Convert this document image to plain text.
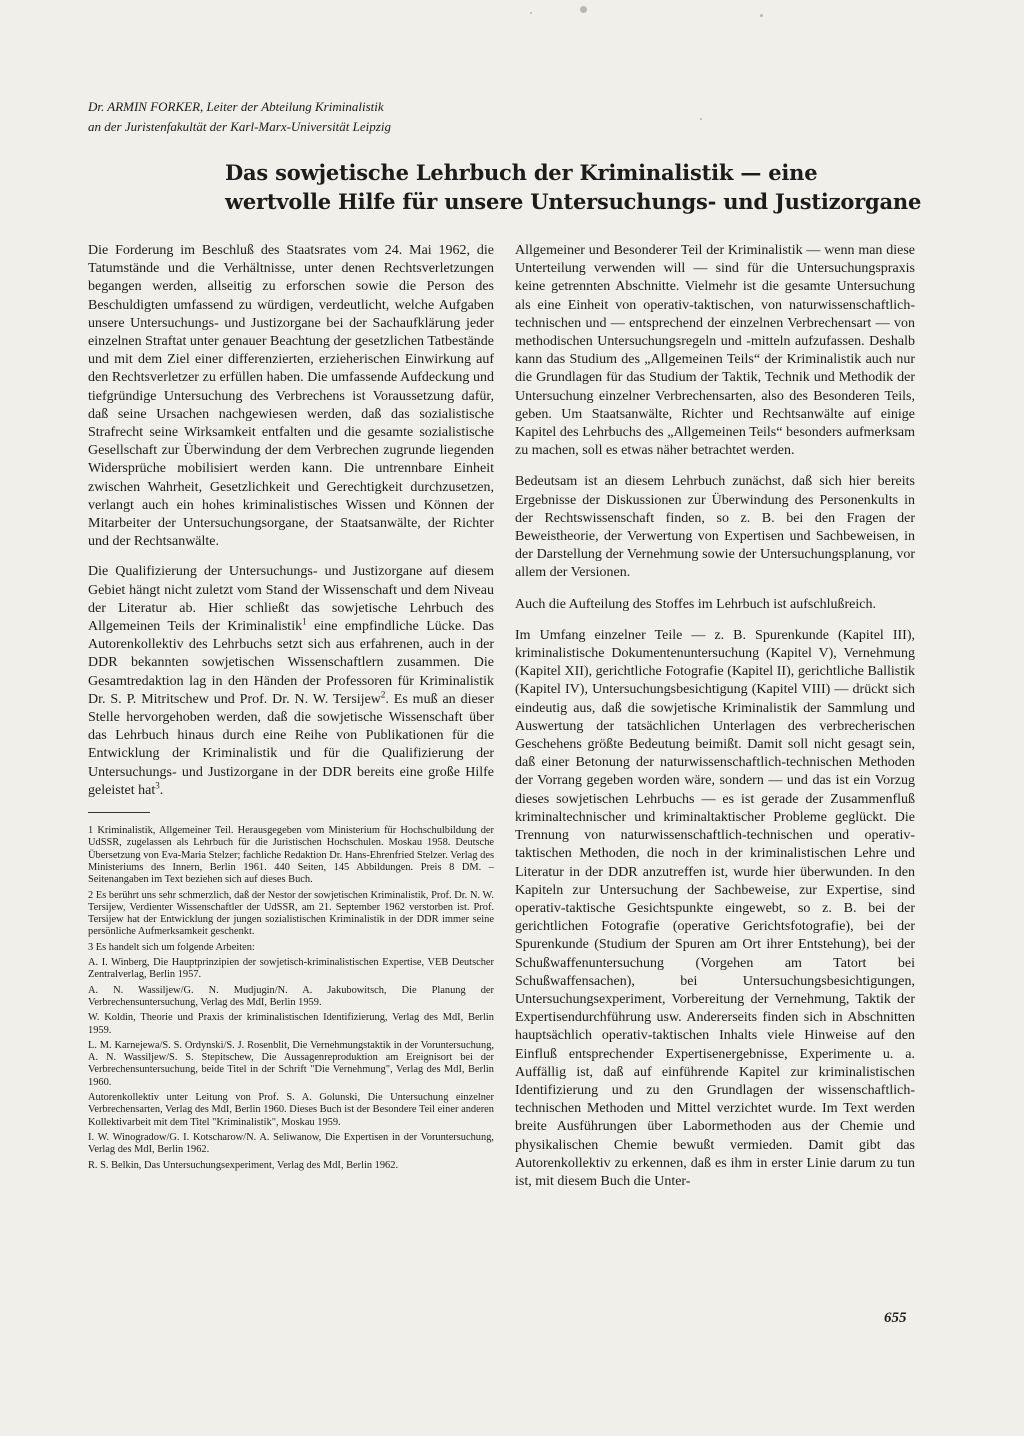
Dr. ARMIN FORKER, Leiter der Abteilung Kriminalistik
an der Juristenfakultät der Karl-Marx-Universität Leipzig
Das sowjetische Lehrbuch der Kriminalistik — eine
wertvolle Hilfe für unsere Untersuchungs- und Justizorgane

Die Forderung im Beschluß des Staatsrates vom 24. Mai 1962, die Tatumstände und die Verhältnisse, unter denen Rechtsverletzungen begangen werden, allseitig zu erforschen sowie die Person des Beschuldigten umfassend zu würdigen, verdeutlicht, welche Aufgaben unsere Untersuchungs- und Justizorgane bei der Sachaufklärung jeder einzelnen Straftat unter genauer Beachtung der gesetzlichen Tatbestände und mit dem Ziel einer differenzierten, erzieherischen Einwirkung auf den Rechtsverletzer zu erfüllen haben. Die umfassende Aufdeckung und tiefgründige Untersuchung des Verbrechens ist Voraussetzung dafür, daß seine Ursachen nachgewiesen werden, daß das sozialistische Strafrecht seine Wirksamkeit entfalten und die gesamte sozialistische Gesellschaft zur Überwindung der dem Verbrechen zugrunde liegenden Widersprüche mobilisiert werden kann. Die untrennbare Einheit zwischen Wahrheit, Gesetzlichkeit und Gerechtigkeit durchzusetzen, verlangt auch ein hohes kriminalistisches Wissen und Können der Mitarbeiter der Untersuchungsorgane, der Staatsanwälte, der Richter und der Rechtsanwälte.

Die Qualifizierung der Untersuchungs- und Justizorgane auf diesem Gebiet hängt nicht zuletzt vom Stand der Wissenschaft und dem Niveau der Literatur ab. Hier schließt das sowjetische Lehrbuch des Allgemeinen Teils der Kriminalistik$^1$ eine empfindliche Lücke. Das Autorenkollektiv des Lehrbuchs setzt sich aus erfahrenen, auch in der DDR bekannten sowjetischen Wissenschaftlern zusammen. Die Gesamtredaktion lag in den Händen der Professoren für Kriminalistik Dr. S. P. Mitritschew und Prof. Dr. N. W. Tersijew$^2$. Es muß an dieser Stelle hervorgehoben werden, daß die sowjetische Wissenschaft über das Lehrbuch hinaus durch eine Reihe von Publikationen für die Entwicklung der Kriminalistik und für die Qualifizierung der Untersuchungs- und Justizorgane in der DDR bereits eine große Hilfe geleistet hat$^3$.

1 Kriminalistik, Allgemeiner Teil. Herausgegeben vom Ministerium für Hochschulbildung der UdSSR, zugelassen als Lehrbuch für die Juristischen Hochschulen. Moskau 1958. Deutsche Übersetzung von Eva-Maria Stelzer; fachliche Redaktion Dr. Hans-Ehrenfried Stelzer. Verlag des Ministeriums des Innern, Berlin 1961. 440 Seiten, 145 Abbildungen. Preis 8 DM. – Seitenangaben im Text beziehen sich auf dieses Buch.

2 Es berührt uns sehr schmerzlich, daß der Nestor der sowjetischen Kriminalistik, Prof. Dr. N. W. Tersijew, Verdienter Wissenschaftler der UdSSR, am 21. September 1962 verstorben ist. Prof. Tersijew hat der Entwicklung der jungen sozialistischen Kriminalistik in der DDR immer seine persönliche Aufmerksamkeit geschenkt.

3 Es handelt sich um folgende Arbeiten:

A. I. Winberg, Die Hauptprinzipien der sowjetisch-kriminalistischen Expertise, VEB Deutscher Zentralverlag, Berlin 1957.

A. N. Wassiljew/G. N. Mudjugin/N. A. Jakubowitsch, Die Planung der Verbrechensuntersuchung, Verlag des MdI, Berlin 1959.

W. Koldin, Theorie und Praxis der kriminalistischen Identifizierung, Verlag des MdI, Berlin 1959.

L. M. Karnejewa/S. S. Ordynski/S. J. Rosenblit, Die Vernehmungstaktik in der Voruntersuchung, A. N. Wassiljew/S. S. Stepitschew, Die Aussagenreproduktion am Ereignisort bei der Verbrechensuntersuchung, beide Titel in der Schrift "Die Vernehmung", Verlag des MdI, Berlin 1960.

Autorenkollektiv unter Leitung von Prof. S. A. Golunski, Die Untersuchung einzelner Verbrechensarten, Verlag des MdI, Berlin 1960. Dieses Buch ist der Besondere Teil einer anderen Kollektivarbeit mit dem Titel "Kriminalistik", Moskau 1959.

I. W. Winogradow/G. I. Kotscharow/N. A. Seliwanow, Die Expertisen in der Voruntersuchung, Verlag des MdI, Berlin 1962.

R. S. Belkin, Das Untersuchungsexperiment, Verlag des MdI, Berlin 1962.

Allgemeiner und Besonderer Teil der Kriminalistik — wenn man diese Unterteilung verwenden will — sind für die Untersuchungspraxis keine getrennten Abschnitte. Vielmehr ist die gesamte Untersuchung als eine Einheit von operativ-taktischen, von naturwissenschaftlich-technischen und — entsprechend der einzelnen Verbrechensart — von methodischen Untersuchungsregeln und -mitteln aufzufassen. Deshalb kann das Studium des „Allgemeinen Teils“ der Kriminalistik auch nur die Grundlagen für das Studium der Taktik, Technik und Methodik der Untersuchung einzelner Verbrechensarten, also des Besonderen Teils, geben. Um Staatsanwälte, Richter und Rechtsanwälte auf einige Kapitel des Lehrbuchs des „Allgemeinen Teils“ besonders aufmerksam zu machen, soll es etwas näher betrachtet werden.

Bedeutsam ist an diesem Lehrbuch zunächst, daß sich hier bereits Ergebnisse der Diskussionen zur Überwindung des Personenkults in der Rechtswissenschaft finden, so z. B. bei den Fragen der Beweistheorie, der Verwertung von Expertisen und Sachbeweisen, in der Darstellung der Vernehmung sowie der Untersuchungsplanung, vor allem der Versionen.

Auch die Aufteilung des Stoffes im Lehrbuch ist aufschlußreich.

Im Umfang einzelner Teile — z. B. Spurenkunde (Kapitel III), kriminalistische Dokumentenuntersuchung (Kapitel V), Vernehmung (Kapitel XII), gerichtliche Fotografie (Kapitel II), gerichtliche Ballistik (Kapitel IV), Untersuchungsbesichtigung (Kapitel VIII) — drückt sich eindeutig aus, daß die sowjetische Kriminalistik der Sammlung und Auswertung der tatsächlichen Unterlagen des verbrecherischen Geschehens größte Bedeutung beimißt. Damit soll nicht gesagt sein, daß einer Betonung der naturwissenschaftlich-technischen Methoden der Vorrang gegeben worden wäre, sondern — und das ist ein Vorzug dieses sowjetischen Lehrbuchs — es ist gerade der Zusammenfluß kriminaltechnischer und kriminaltaktischer Probleme geglückt. Die Trennung von naturwissenschaftlich-technischen und operativ-taktischen Methoden, die noch in der kriminalistischen Lehre und Literatur in der DDR anzutreffen ist, wurde hier überwunden. In den Kapiteln zur Untersuchung der Sachbeweise, zur Expertise, sind operativ-taktische Gesichtspunkte eingewebt, so z. B. bei der gerichtlichen Fotografie (operative Gerichtsfotografie), bei der Spurenkunde (Studium der Spuren am Ort ihrer Entstehung), bei der Schußwaffenuntersuchung (Vorgehen am Tatort bei Schußwaffensachen), bei Untersuchungsbesichtigungen, Untersuchungsexperiment, Vorbereitung der Vernehmung, Taktik der Expertisendurchführung usw. Andererseits finden sich in Abschnitten hauptsächlich operativ-taktischen Inhalts viele Hinweise auf den Einfluß entsprechender Expertisenergebnisse, Experimente u. a. Auffällig ist, daß auf einführende Kapitel zur kriminalistischen Identifizierung und zu den Grundlagen der wissenschaftlich-technischen Methoden und Mittel verzichtet wurde. Im Text werden breite Ausführungen über Labormethoden aus der Chemie und physikalischen Chemie bewußt vermieden. Damit gibt das Autorenkollektiv zu erkennen, daß es ihm in erster Linie darum zu tun ist, mit diesem Buch die Unter-

655
